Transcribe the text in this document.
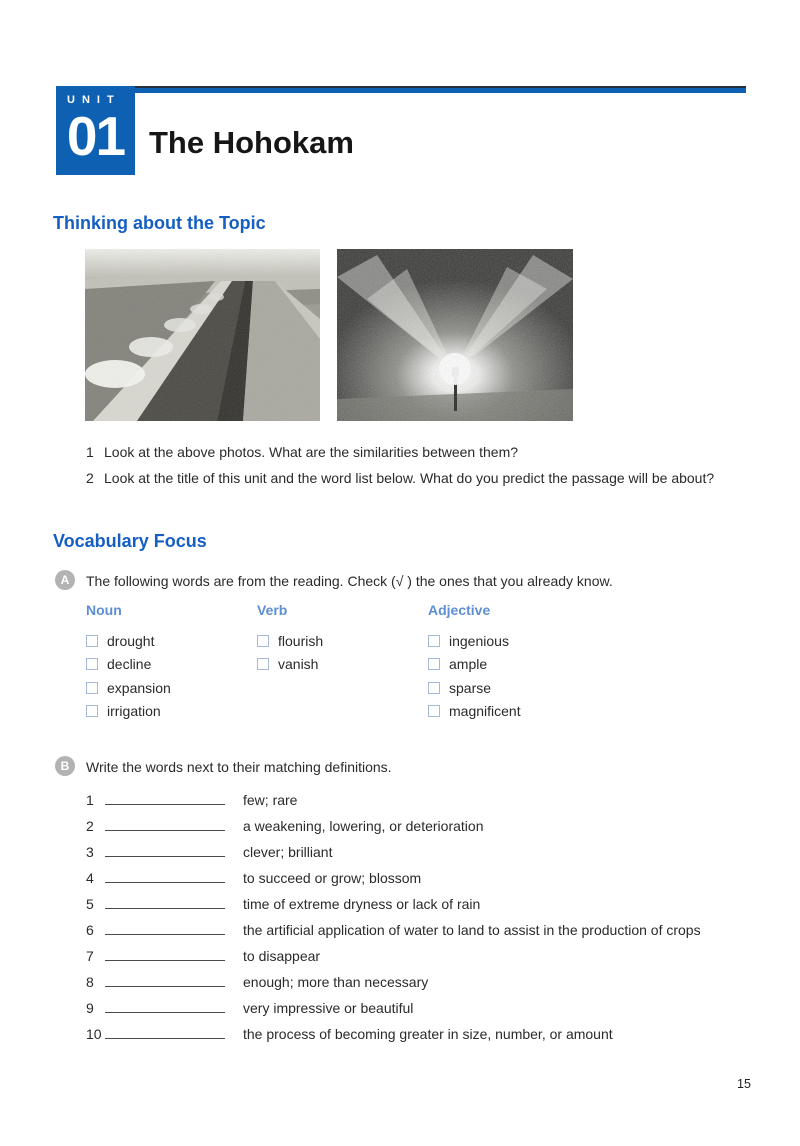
UNIT
01 The Hohokam
Thinking about the Topic
1 Look at the above photos. What are the similarities between them?
2 Look at the title of this unit and the word list below. What do you predict the passage will be about?
Vocabulary Focus
A	The following words are from the reading. Check (√ ) the ones that you already know.
Noun
drought
decline
expansion
irrigation
Verb
flourish
vanish
Adjective
ingenious
ample
sparse
magnificent
B	Write the words next to their matching definitions.
1	few; rare
2	a weakening, lowering, or deterioration
3	clever; brilliant
4	to succeed or grow; blossom
5	time of extreme dryness or lack of rain
6	the artificial application of water to land to assist in the production of crops
7	to disappear
8	enough; more than necessary
9	very impressive or beautiful
10	the process of becoming greater in size, number, or amount
15
